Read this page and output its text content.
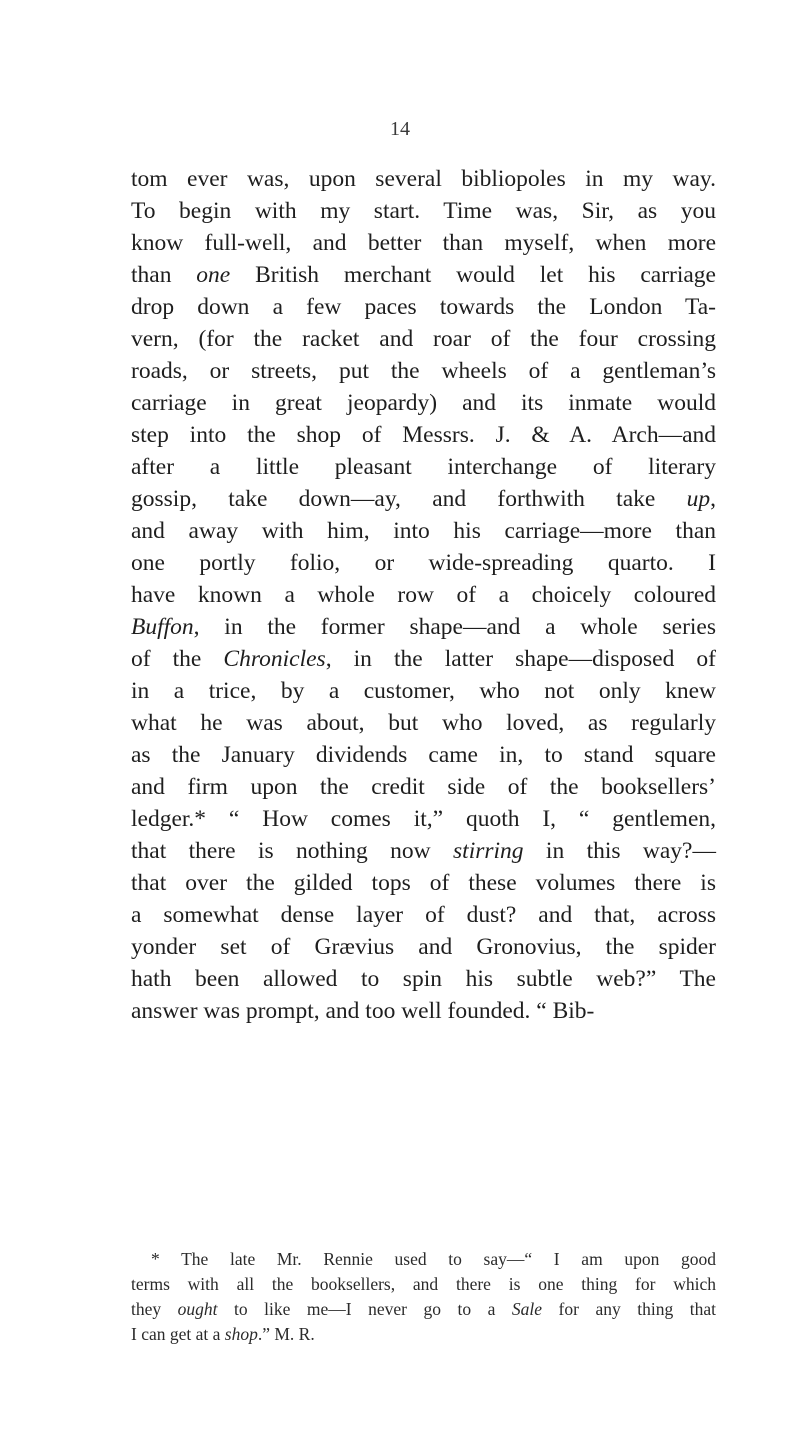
14
tom ever was, upon several bibliopoles in my way.
To begin with my start. Time was, Sir, as you
know full-well, and better than myself, when more
than one British merchant would let his carriage
drop down a few paces towards the London Ta-
vern, (for the racket and roar of the four crossing
roads, or streets, put the wheels of a gentleman’s
carriage in great jeopardy) and its inmate would
step into the shop of Messrs. J. & A. Arch—and
after a little pleasant interchange of literary
gossip, take down—ay, and forthwith take up,
and away with him, into his carriage—more than
one portly folio, or wide-spreading quarto. I
have known a whole row of a choicely coloured
Buffon, in the former shape—and a whole series
of the Chronicles, in the latter shape—disposed of
in a trice, by a customer, who not only knew
what he was about, but who loved, as regularly
as the January dividends came in, to stand square
and firm upon the credit side of the booksellers’
ledger.* “ How comes it,” quoth I, “ gentlemen,
that there is nothing now stirring in this way?—
that over the gilded tops of these volumes there is
a somewhat dense layer of dust? and that, across
yonder set of Grævius and Gronovius, the spider
hath been allowed to spin his subtle web?” The
answer was prompt, and too well founded. “ Bib-
* The late Mr. Rennie used to say—“ I am upon good
terms with all the booksellers, and there is one thing for which
they ought to like me—I never go to a Sale for any thing that
I can get at a shop.” M. R.
